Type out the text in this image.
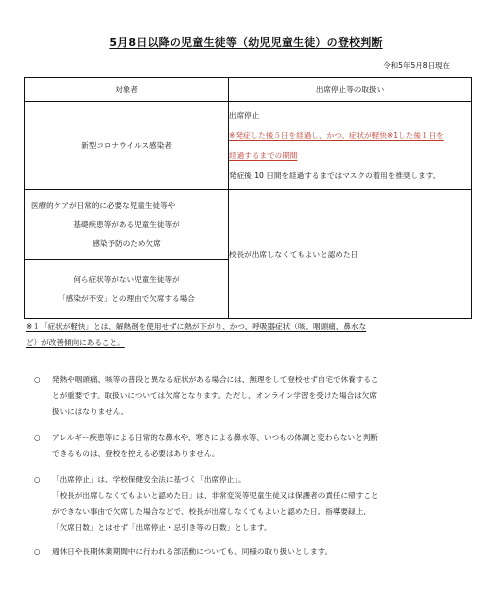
5月8日以降の児童生徒等（幼児児童生徒）の登校判断
令和5年5月8日現在
対象者	出席停止等の取扱い
新型コロナウイルス感染者	出席停止
※発症した後５日を経過し、かつ、症状が軽快※1した後１日を
経過するまでの期間
発症後 10 日間を経過するまではマスクの着用を推奨します。

医療的ケアが日常的に必要な児童生徒等や
基礎疾患等がある児童生徒等が
感染予防のため欠席	校長が出席しなくてもよいと認めた日

何ら症状等がない児童生徒等が
「感染が不安」との理由で欠席する場合	
※１「症状が軽快」とは、解熱剤を使用せずに熱が下がり、かつ、呼吸器症状（咳、咽頭痛、鼻水な
ど）が改善傾向にあること。
○ 発熱や咽頭痛、咳等の普段と異なる症状がある場合には、無理をして登校せず自宅で休養するこ
とが重要です。取扱いについては欠席となります。ただし、オンライン学習を受けた場合は欠席
扱いにはなりません。
○ アレルギー疾患等による日常的な鼻水や、寒さによる鼻水等、いつもの体調と変わらないと判断
できるものは、登校を控える必要はありません。
○ 「出席停止」は、学校保健安全法に基づく「出席停止」。
「校長が出席しなくてもよいと認めた日」は、非常変災等児童生徒又は保護者の責任に帰すこと
ができない事由で欠席した場合などで、校長が出席しなくてもよいと認めた日。指導要録上、
「欠席日数」とはせず「出席停止・忌引き等の日数」とします。
○ 週休日や長期休業期間中に行われる部活動についても、同様の取り扱いとします。
